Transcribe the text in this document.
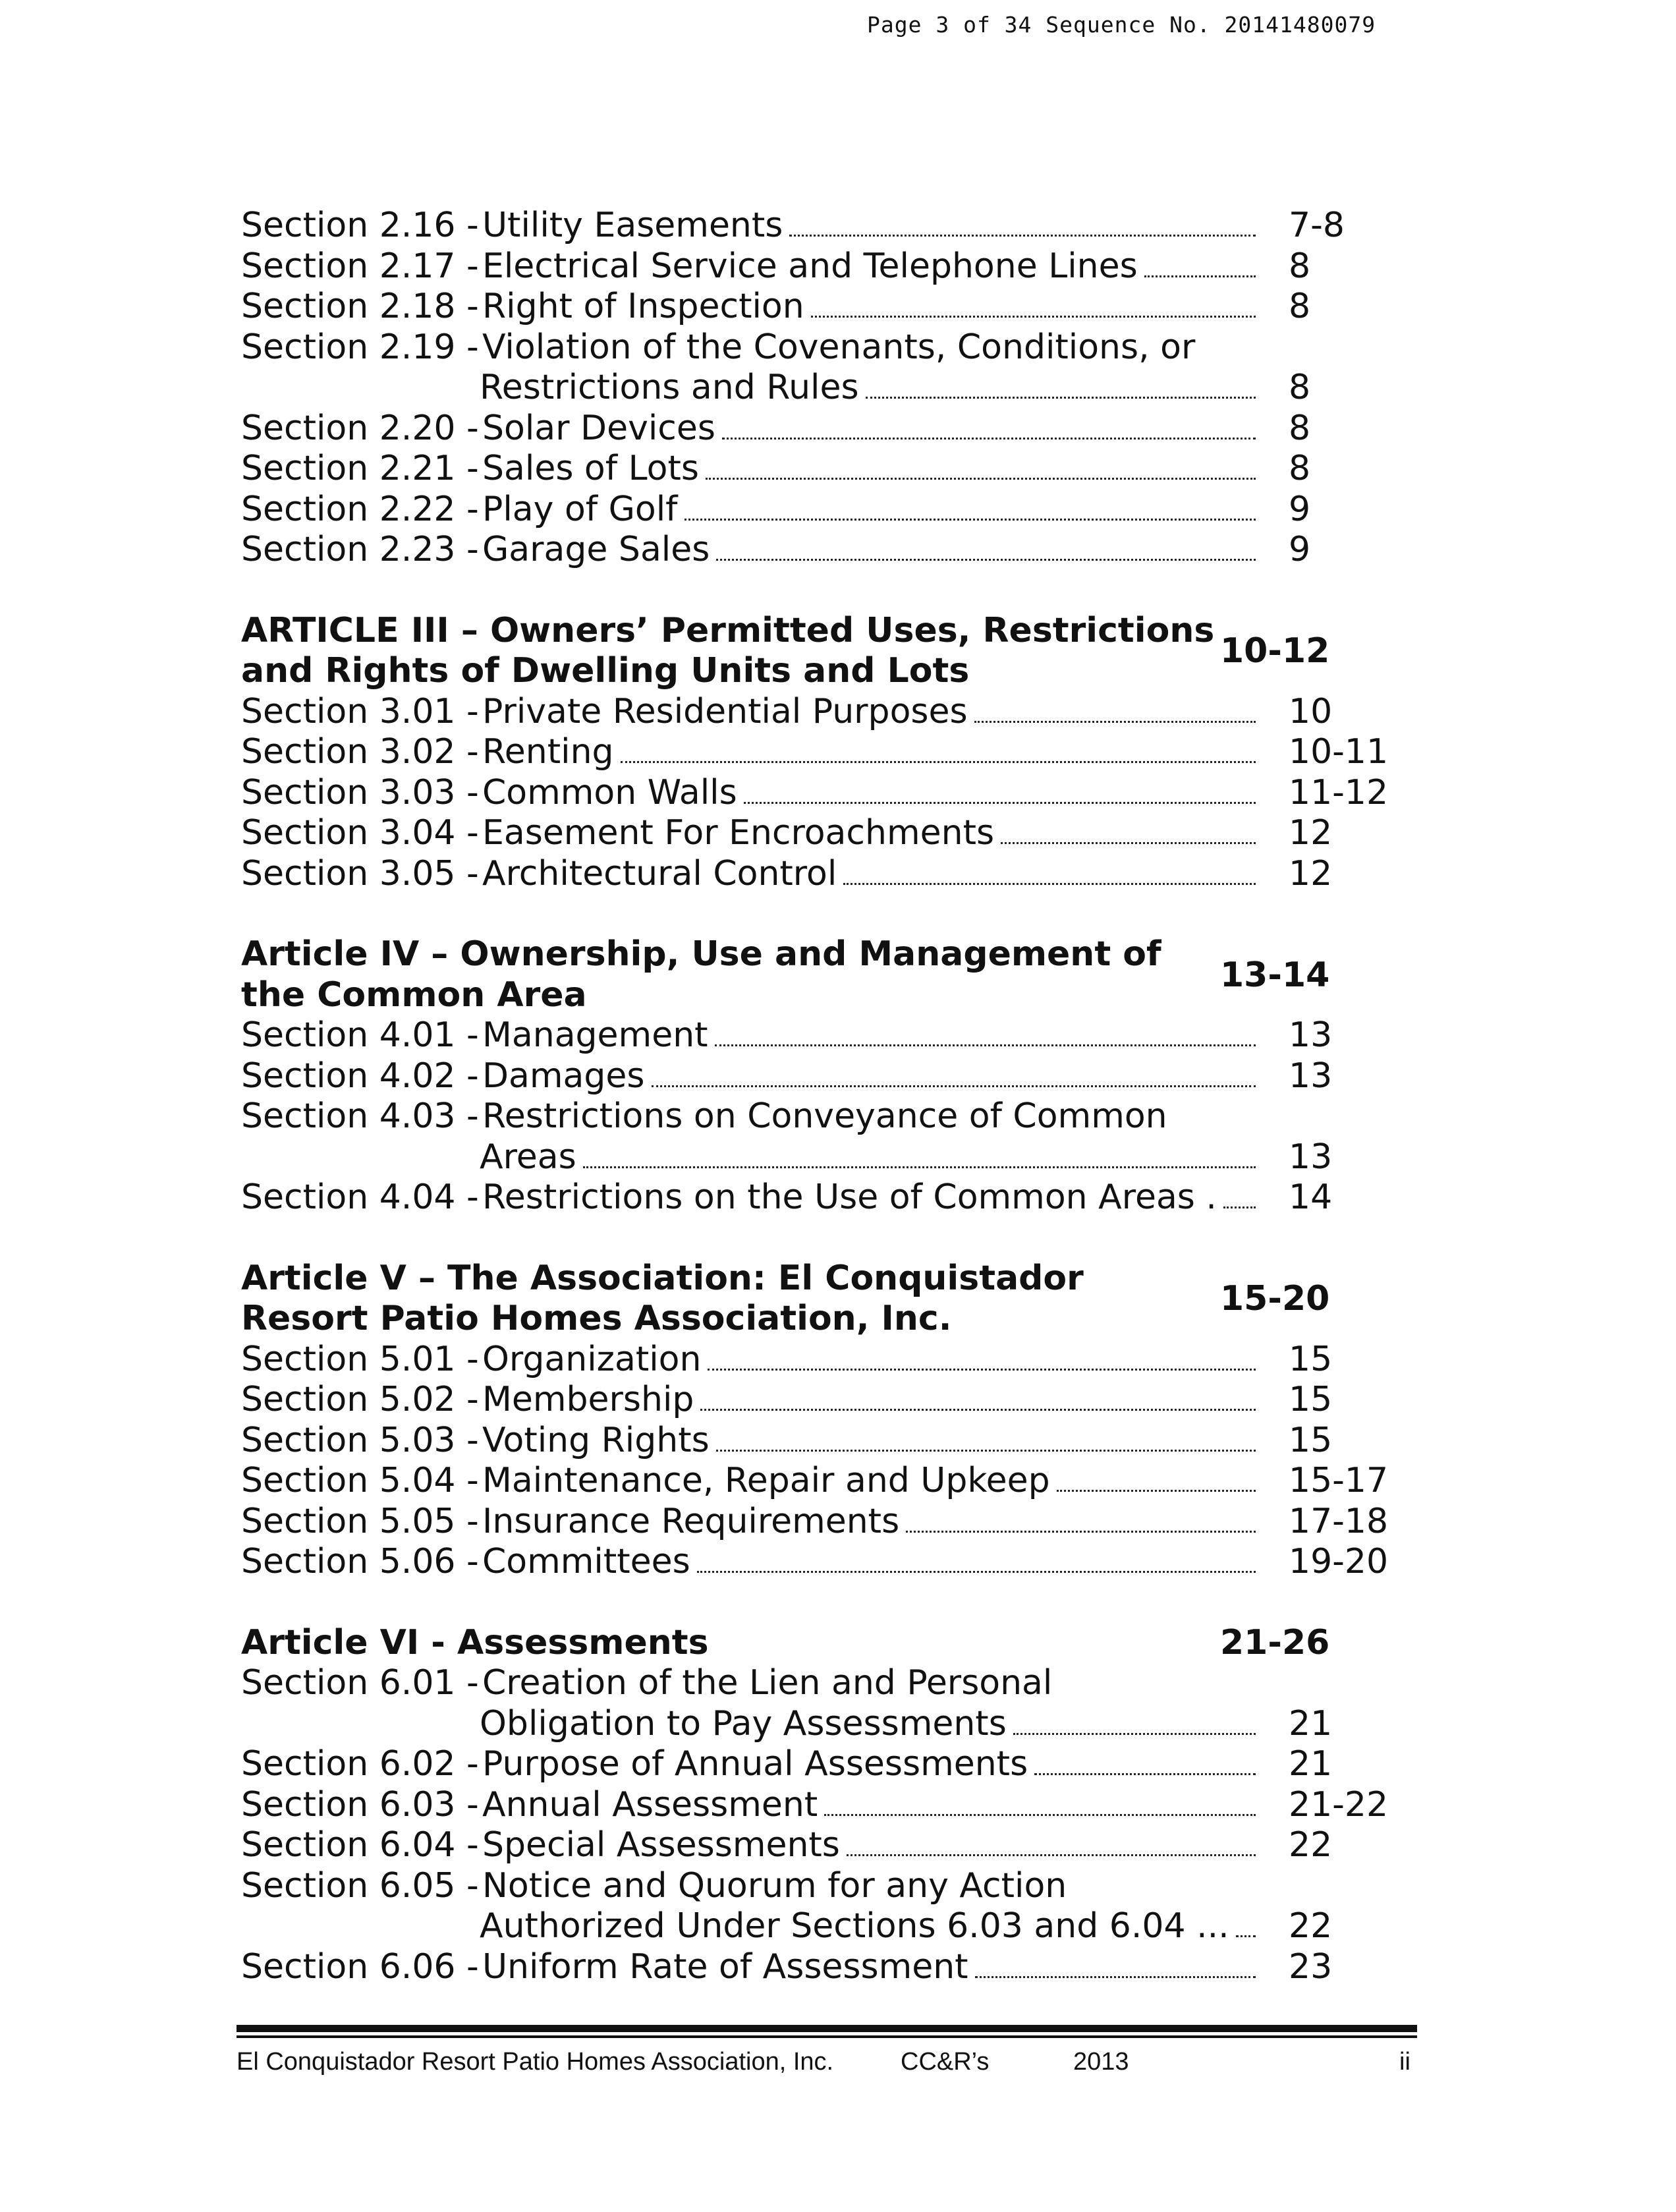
Page 3 of 34 Sequence No. 20141480079
Section 2.16 - Utility Easements	7-8
Section 2.17 - Electrical Service and Telephone Lines	8
Section 2.18 - Right of Inspection	8
Section 2.19 - Violation of the Covenants, Conditions, or
Restrictions and Rules	8
Section 2.20 - Solar Devices	8
Section 2.21 - Sales of Lots	8
Section 2.22 - Play of Golf	9
Section 2.23 - Garage Sales	9
ARTICLE III – Owners’ Permitted Uses, Restrictions and Rights of Dwelling Units and Lots	10-12
Section 3.01 - Private Residential Purposes	10
Section 3.02 - Renting	10-11
Section 3.03 - Common Walls	11-12
Section 3.04 - Easement For Encroachments	12
Section 3.05 - Architectural Control	12
Article IV – Ownership, Use and Management of the Common Area	13-14
Section 4.01 - Management	13
Section 4.02 - Damages	13
Section 4.03 - Restrictions on Conveyance of Common
Areas	13
Section 4.04 - Restrictions on the Use of Common Areas . 14
Article V – The Association: El Conquistador Resort Patio Homes Association, Inc.	15-20
Section 5.01 - Organization	15
Section 5.02 - Membership	15
Section 5.03 - Voting Rights	15
Section 5.04 - Maintenance, Repair and Upkeep	15-17
Section 5.05 - Insurance Requirements	17-18
Section 5.06 - Committees	19-20
Article VI - Assessments	21-26
Section 6.01 - Creation of the Lien and Personal
Obligation to Pay Assessments	21
Section 6.02 - Purpose of Annual Assessments	21
Section 6.03 - Annual Assessment	21-22
Section 6.04 - Special Assessments	22
Section 6.05 - Notice and Quorum for any Action
Authorized Under Sections 6.03 and 6.04 ... 22
Section 6.06 - Uniform Rate of Assessment	23
El Conquistador Resort Patio Homes Association, Inc.	CC&R’s	2013	ii
